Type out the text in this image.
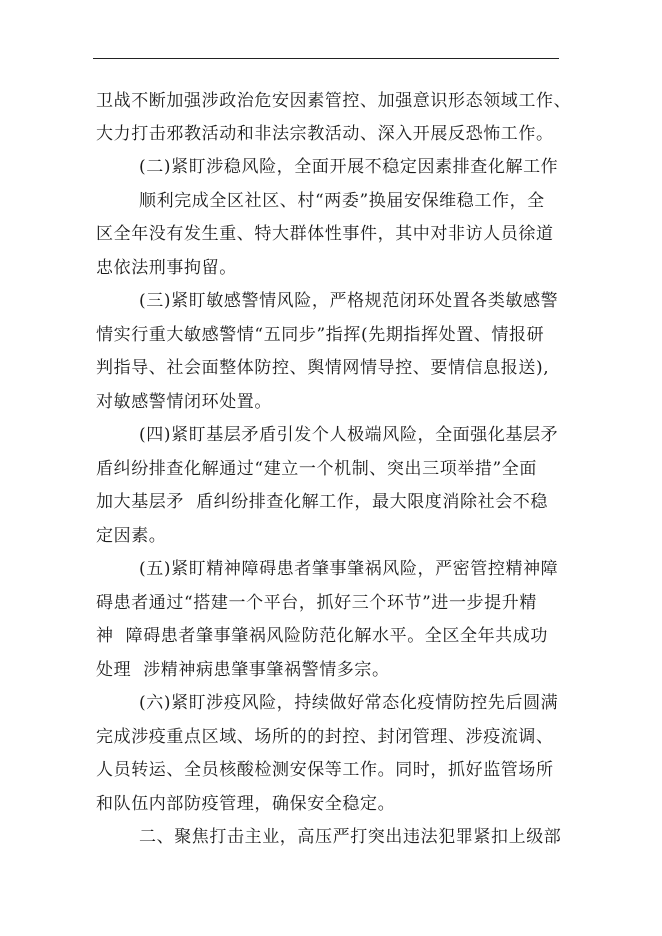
卫战不断加强涉政治危安因素管控、加强意识形态领域工作、
大力打击邪教活动和非法宗教活动、深入开展反恐怖工作。
(二)紧盯涉稳风险，全面开展不稳定因素排查化解工作
顺利完成全区社区、村“两委”换届安保维稳工作，全
区全年没有发生重、特大群体性事件，其中对非访人员徐道
忠依法刑事拘留。
(三)紧盯敏感警情风险，严格规范闭环处置各类敏感警
情实行重大敏感警情“五同步”指挥(先期指挥处置、情报研
判指导、社会面整体防控、舆情网情导控、要情信息报送),
对敏感警情闭环处置。
(四)紧盯基层矛盾引发个人极端风险，全面强化基层矛
盾纠纷排查化解通过“建立一个机制、突出三项举措”全面
加大基层矛  盾纠纷排查化解工作，最大限度消除社会不稳
定因素。
(五)紧盯精神障碍患者肇事肇祸风险，严密管控精神障
碍患者通过“搭建一个平台，抓好三个环节”进一步提升精
神  障碍患者肇事肇祸风险防范化解水平。全区全年共成功
处理  涉精神病患肇事肇祸警情多宗。
(六)紧盯涉疫风险，持续做好常态化疫情防控先后圆满
完成涉疫重点区域、场所的的封控、封闭管理、涉疫流调、
人员转运、全员核酸检测安保等工作。同时，抓好监管场所
和队伍内部防疫管理，确保安全稳定。
二、聚焦打击主业，高压严打突出违法犯罪紧扣上级部
